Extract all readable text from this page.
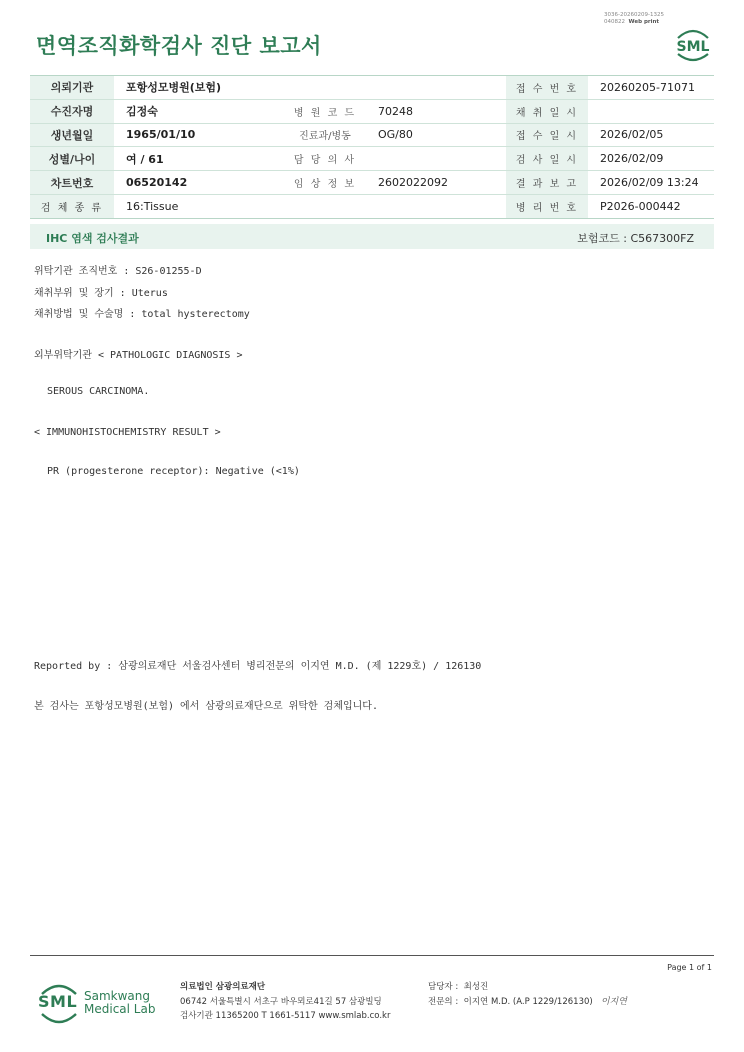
3036-20260209-1325
040822 Web print
면역조직화학검사 진단 보고서	SML
의뢰기관	포항성모병원(보험)			접 수 번 호	20260205-71071
수진자명	김정숙	병 원 코 드	70248	채 취 일 시	
생년월일	1965/01/10	진료과/병동	OG/80	접 수 일 시	2026/02/05
성별/나이	여 / 61	담 당 의 사		검 사 일 시	2026/02/09
차트번호	06520142	임 상 정 보	2602022092	결 과 보 고	2026/02/09 13:24
검 체 종 류	16:Tissue			병 리 번 호	P2026-000442
IHC 염색 검사결과	보험코드 : C567300FZ
위탁기관 조직번호 : S26-01255-D
채취부위 및 장기 : Uterus
채취방법 및 수술명 : total hysterectomy
외부위탁기관 < PATHOLOGIC DIAGNOSIS >
SEROUS CARCINOMA.
< IMMUNOHISTOCHEMISTRY RESULT >
PR (progesterone receptor): Negative (<1%)
Reported by : 삼광의료재단 서울검사센터 병리전문의 이지연 M.D. (제 1229호) / 126130
본 검사는 포항성모병원(보험) 에서 삼광의료재단으로 위탁한 검체입니다.
Page 1 of 1
SML Samkwang
Medical Lab
의료법인 삼광의료재단
06742 서울특별시 서초구 바우뫼로41길 57 삼광빌딩
검사기관 11365200 T 1661-5117 www.smlab.co.kr
담당자 : 최성진
전문의 : 이지연 M.D. (A.P 1229/126130) 이지연
